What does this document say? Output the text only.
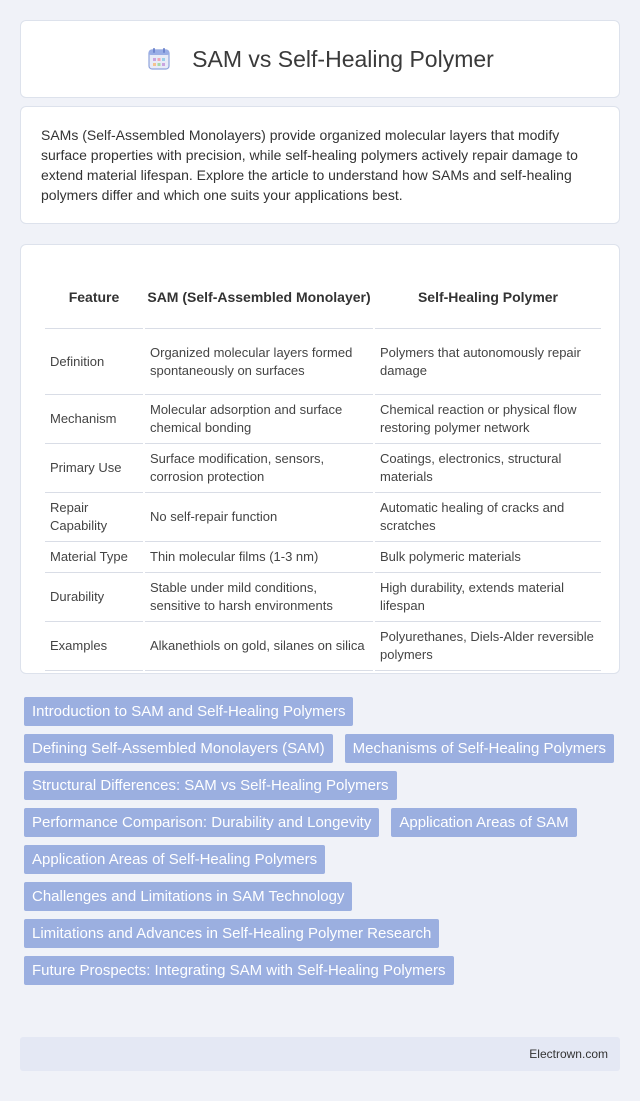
SAM vs Self-Healing Polymer

SAMs (Self-Assembled Monolayers) provide organized molecular layers that modify surface properties with precision, while self-healing polymers actively repair damage to extend material lifespan. Explore the article to understand how SAMs and self-healing polymers differ and which one suits your applications best.

Feature	SAM (Self-Assembled Monolayer)	Self-Healing Polymer
Definition	Organized molecular layers formed spontaneously on surfaces	Polymers that autonomously repair damage
Mechanism	Molecular adsorption and surface chemical bonding	Chemical reaction or physical flow restoring polymer network
Primary Use	Surface modification, sensors, corrosion protection	Coatings, electronics, structural materials
Repair Capability	No self-repair function	Automatic healing of cracks and scratches
Material Type	Thin molecular films (1-3 nm)	Bulk polymeric materials
Durability	Stable under mild conditions, sensitive to harsh environments	High durability, extends material lifespan
Examples	Alkanethiols on gold, silanes on silica	Polyurethanes, Diels-Alder reversible polymers
Introduction to SAM and Self-Healing Polymers
Defining Self-Assembled Monolayers (SAM)	Mechanisms of Self-Healing Polymers
Structural Differences: SAM vs Self-Healing Polymers
Performance Comparison: Durability and Longevity	Application Areas of SAM
Application Areas of Self-Healing Polymers
Challenges and Limitations in SAM Technology
Limitations and Advances in Self-Healing Polymer Research
Future Prospects: Integrating SAM with Self-Healing Polymers
Electrown.com
